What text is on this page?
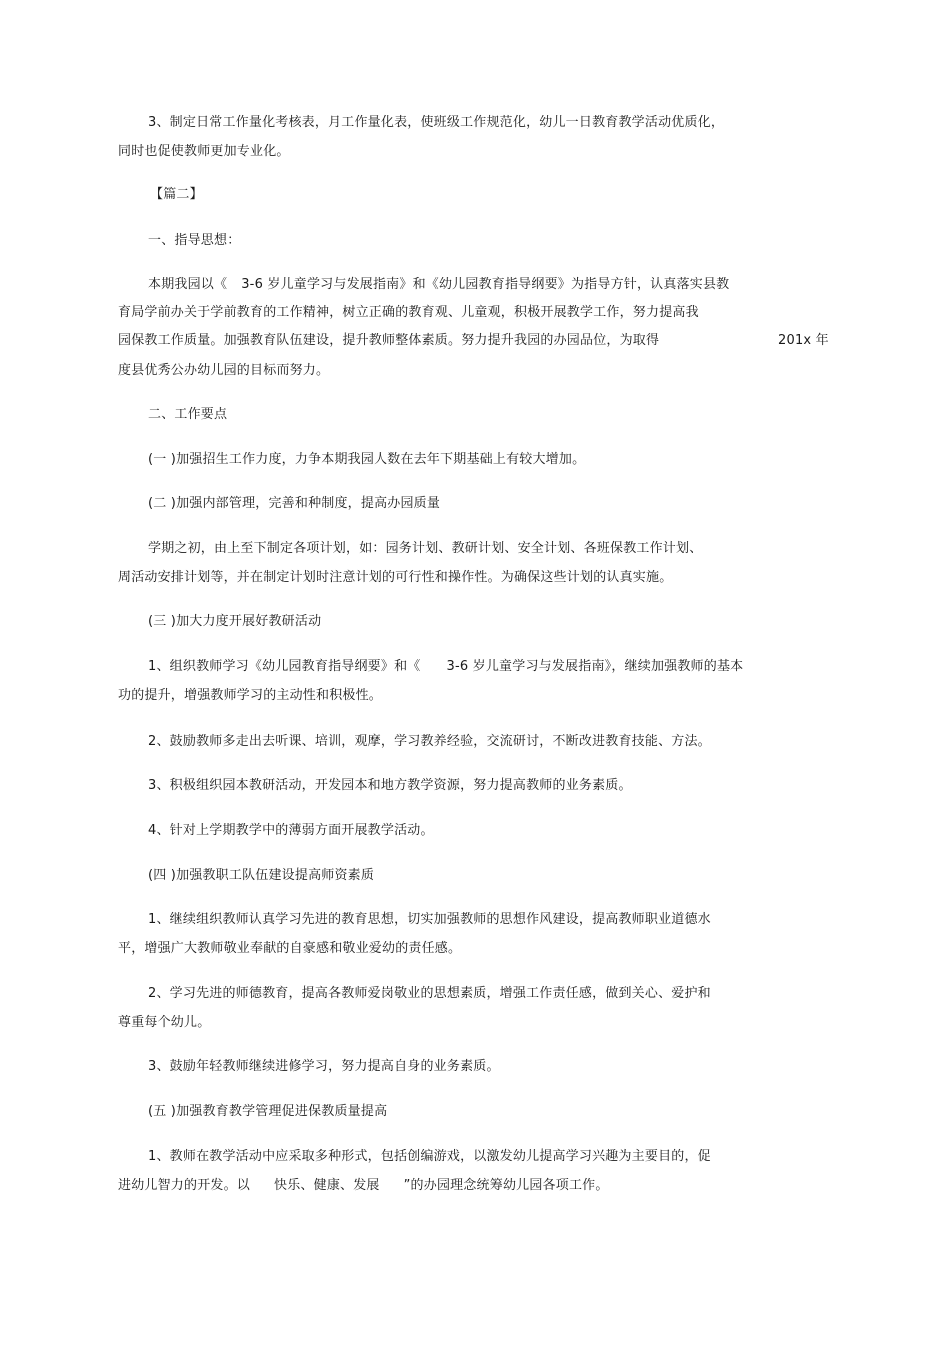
3、制定日常工作量化考核表，月工作量化表，使班级工作规范化，幼儿一日教育教学活动优质化，
同时也促使教师更加专业化。
【篇二】
一、指导思想：
本期我园以《 3-6 岁儿童学习与发展指南》和《幼儿园教育指导纲要》为指导方针，认真落实县教
育局学前办关于学前教育的工作精神，树立正确的教育观、儿童观，积极开展教学工作，努力提高我
园保教工作质量。加强教育队伍建设，提升教师整体素质。努力提升我园的办园品位，为取得	201x 年
度县优秀公办幼儿园的目标而努力。
二、工作要点
(一 )加强招生工作力度，力争本期我园人数在去年下期基础上有较大增加。
(二 )加强内部管理，完善和种制度，提高办园质量
学期之初，由上至下制定各项计划，如：园务计划、教研计划、安全计划、各班保教工作计划、
周活动安排计划等，并在制定计划时注意计划的可行性和操作性。为确保这些计划的认真实施。
(三 )加大力度开展好教研活动
1、组织教师学习《幼儿园教育指导纲要》和《 3-6 岁儿童学习与发展指南》，继续加强教师的基本
功的提升，增强教师学习的主动性和积极性。
2、鼓励教师多走出去听课、培训，观摩，学习教养经验，交流研讨，不断改进教育技能、方法。
3、积极组织园本教研活动，开发园本和地方教学资源，努力提高教师的业务素质。
4、针对上学期教学中的薄弱方面开展教学活动。
(四 )加强教职工队伍建设提高师资素质
1、继续组织教师认真学习先进的教育思想，切实加强教师的思想作风建设，提高教师职业道德水
平，增强广大教师敬业奉献的自豪感和敬业爱幼的责任感。
2、学习先进的师德教育，提高各教师爱岗敬业的思想素质，增强工作责任感，做到关心、爱护和
尊重每个幼儿。
3、鼓励年轻教师继续进修学习，努力提高自身的业务素质。
(五 )加强教育教学管理促进保教质量提高
1、教师在教学活动中应采取多种形式，包括创编游戏，以激发幼儿提高学习兴趣为主要目的，促
进幼儿智力的开发。以 快乐、健康、发展 ”的办园理念统筹幼儿园各项工作。
